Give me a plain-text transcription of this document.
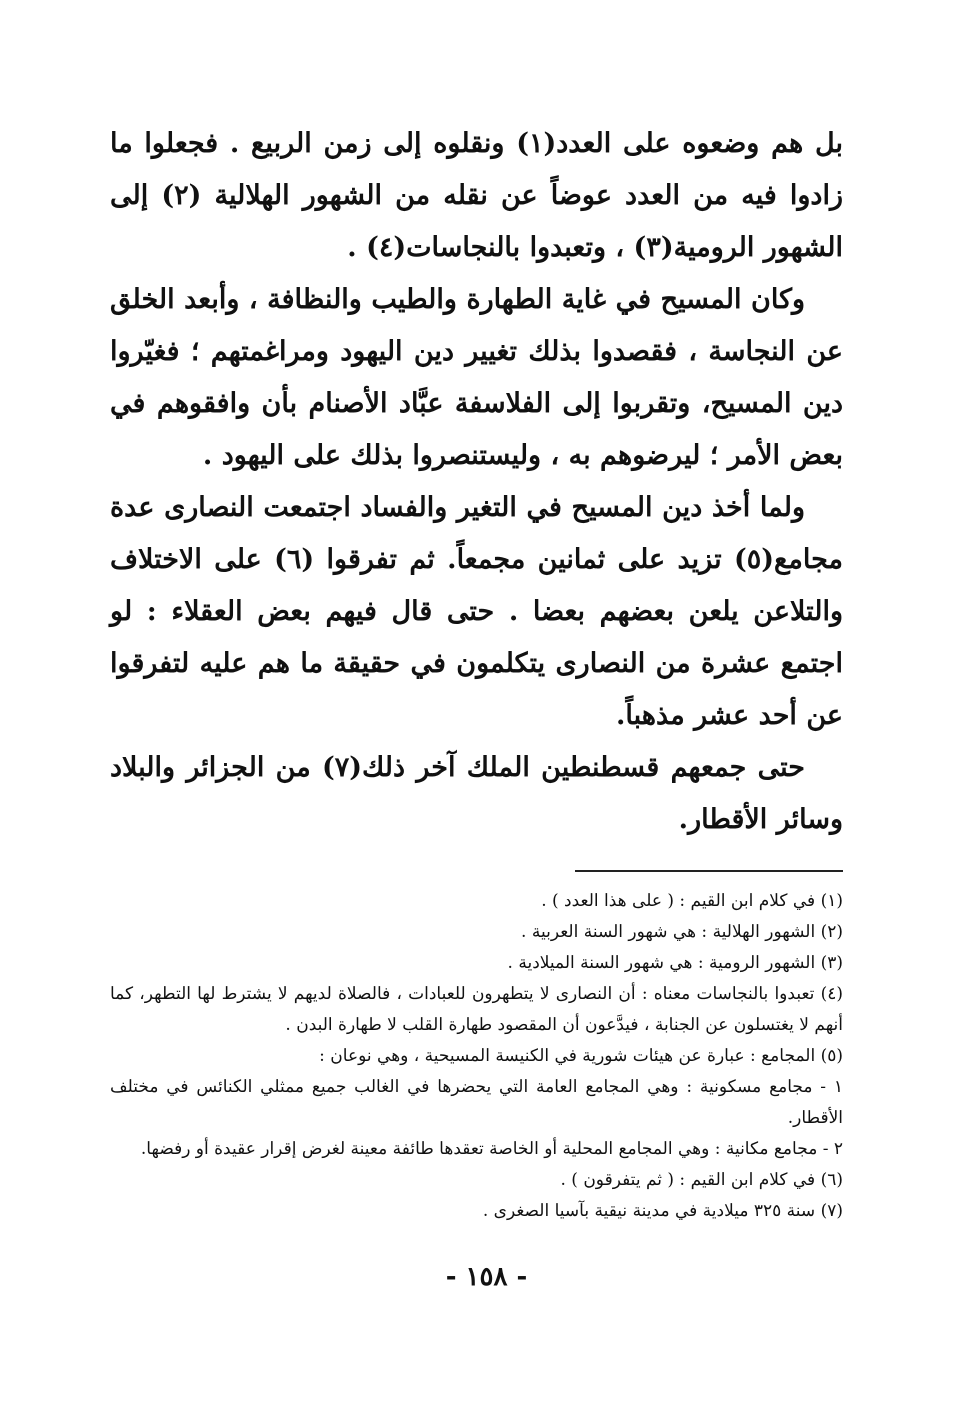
بل هم وضعوه على العدد(١) ونقلوه إلى زمن الربيع . فجعلوا ما زادوا فيه من العدد عوضاً عن نقله من الشهور الهلالية (٢) إلى الشهور الرومية(٣) ، وتعبدوا بالنجاسات(٤) .

وكان المسيح في غاية الطهارة والطيب والنظافة ، وأبعد الخلق عن النجاسة ، فقصدوا بذلك تغيير دين اليهود ومراغمتهم ؛ فغيّروا دين المسيح، وتقربوا إلى الفلاسفة عبَّاد الأصنام بأن وافقوهم في بعض الأمر ؛ ليرضوهم به ، وليستنصروا بذلك على اليهود .

ولما أخذ دين المسيح في التغير والفساد اجتمعت النصارى عدة مجامع(٥) تزيد على ثمانين مجمعاً. ثم تفرقوا (٦) على الاختلاف والتلاعن يلعن بعضهم بعضا . حتى قال فيهم بعض العقلاء : لو اجتمع عشرة من النصارى يتكلمون في حقيقة ما هم عليه لتفرقوا عن أحد عشر مذهباً.

حتى جمعهم قسطنطين الملك آخر ذلك(٧) من الجزائر والبلاد وسائر الأقطار.

(١) في كلام ابن القيم : ( على هذا العدد ) .

(٢) الشهور الهلالية : هي شهور السنة العربية .

(٣) الشهور الرومية : هي شهور السنة الميلادية .

(٤) تعبدوا بالنجاسات معناه : أن النصارى لا يتطهرون للعبادات ، فالصلاة لديهم لا يشترط لها التطهر، كما أنهم لا يغتسلون عن الجنابة ، فيدَّعون أن المقصود طهارة القلب لا طهارة البدن .

(٥) المجامع : عبارة عن هيئات شورية في الكنيسة المسيحية ، وهي نوعان :

١ - مجامع مسكونية : وهي المجامع العامة التي يحضرها في الغالب جميع ممثلي الكنائس في مختلف الأقطار.

٢ - مجامع مكانية : وهي المجامع المحلية أو الخاصة تعقدها طائفة معينة لغرض إقرار عقيدة أو رفضها.

(٦) في كلام ابن القيم : ( ثم يتفرقون ) .

(٧) سنة ٣٢٥ ميلادية في مدينة نيقية بآسيا الصغرى .

- ١٥٨ -
